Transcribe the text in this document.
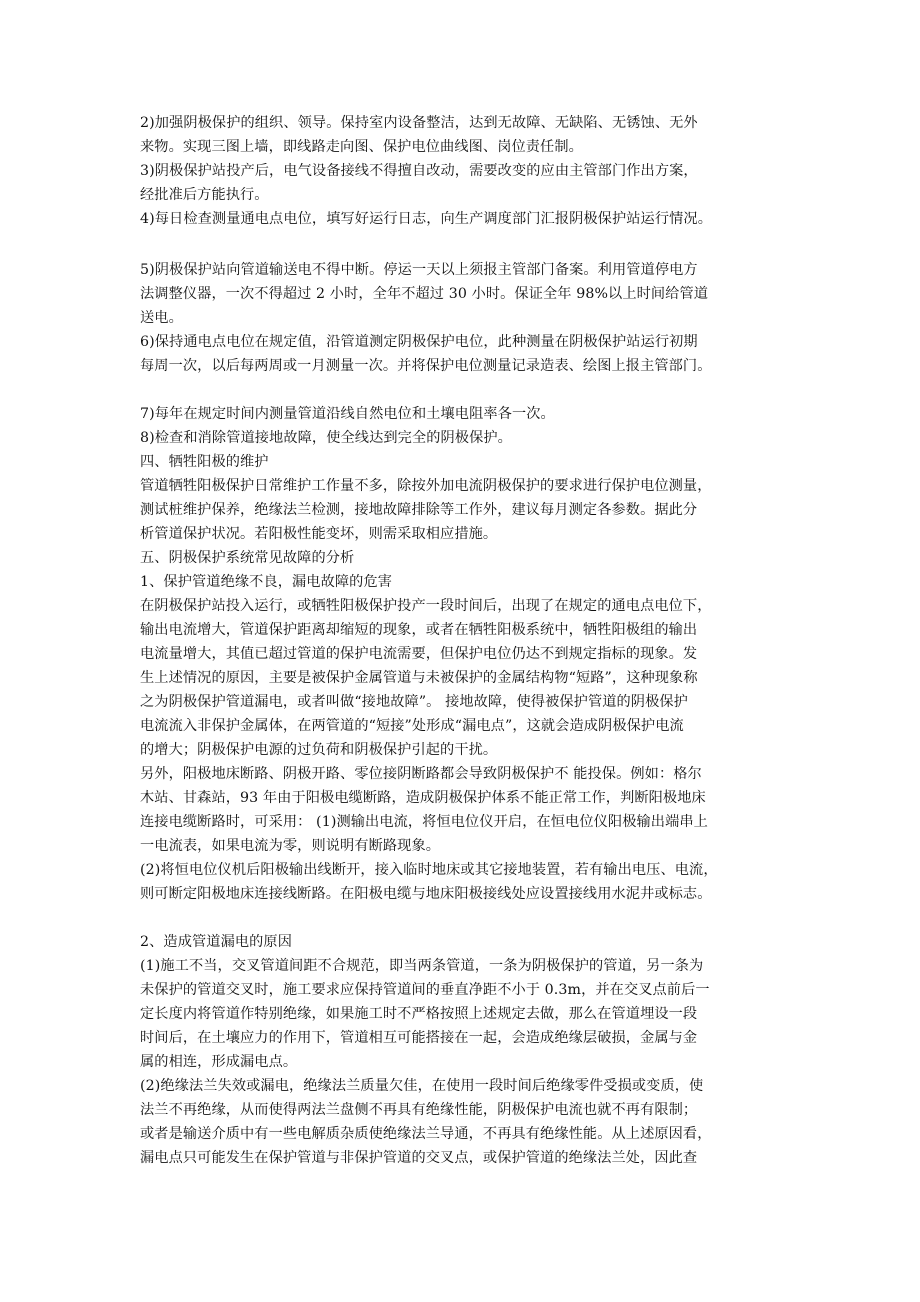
2)加强阴极保护的组织、领导。保持室内设备整洁，达到无故障、无缺陷、无锈蚀、无外
来物。实现三图上墙，即线路走向图、保护电位曲线图、岗位责任制。
3)阴极保护站投产后，电气设备接线不得擅自改动，需要改变的应由主管部门作出方案，
经批准后方能执行。
4)每日检查测量通电点电位，填写好运行日志，向生产调度部门汇报阴极保护站运行情况。
5)阴极保护站向管道输送电不得中断。停运一天以上须报主管部门备案。利用管道停电方
法调整仪器，一次不得超过 2 小时，全年不超过 30 小时。保证全年 98%以上时间给管道
送电。
6)保持通电点电位在规定值，沿管道测定阴极保护电位，此种测量在阴极保护站运行初期
每周一次，以后每两周或一月测量一次。并将保护电位测量记录造表、绘图上报主管部门。
7)每年在规定时间内测量管道沿线自然电位和土壤电阻率各一次。
8)检查和消除管道接地故障，使全线达到完全的阴极保护。
四、牺牲阳极的维护
管道牺牲阳极保护日常维护工作量不多，除按外加电流阴极保护的要求进行保护电位测量，
测试桩维护保养，绝缘法兰检测，接地故障排除等工作外，建议每月测定各参数。据此分
析管道保护状况。若阳极性能变坏，则需采取相应措施。
五、阴极保护系统常见故障的分析
1、保护管道绝缘不良，漏电故障的危害
在阴极保护站投入运行，或牺牲阳极保护投产一段时间后，出现了在规定的通电点电位下，
输出电流增大，管道保护距离却缩短的现象，或者在牺牲阳极系统中，牺牲阳极组的输出
电流量增大，其值已超过管道的保护电流需要，但保护电位仍达不到规定指标的现象。发
生上述情况的原因，主要是被保护金属管道与未被保护的金属结构物“短路”，这种现象称
之为阴极保护管道漏电，或者叫做“接地故障”。 接地故障，使得被保护管道的阴极保护
电流流入非保护金属体，在两管道的“短接”处形成“漏电点”，这就会造成阴极保护电流
的增大；阴极保护电源的过负荷和阴极保护引起的干扰。
另外，阳极地床断路、阴极开路、零位接阴断路都会导致阴极保护不 能投保。例如：格尔
木站、甘森站，93 年由于阳极电缆断路，造成阴极保护体系不能正常工作，判断阳极地床
连接电缆断路时，可采用： (1)测输出电流，将恒电位仪开启，在恒电位仪阳极输出端串上
一电流表，如果电流为零，则说明有断路现象。
(2)将恒电位仪机后阳极输出线断开，接入临时地床或其它接地装置，若有输出电压、电流，
则可断定阳极地床连接线断路。在阳极电缆与地床阳极接线处应设置接线用水泥井或标志。
2、造成管道漏电的原因
(1)施工不当，交叉管道间距不合规范，即当两条管道，一条为阴极保护的管道，另一条为
未保护的管道交叉时，施工要求应保持管道间的垂直净距不小于 0.3m，并在交叉点前后一
定长度内将管道作特别绝缘，如果施工时不严格按照上述规定去做，那么在管道埋设一段
时间后，在土壤应力的作用下，管道相互可能搭接在一起，会造成绝缘层破损，金属与金
属的相连，形成漏电点。
(2)绝缘法兰失效或漏电，绝缘法兰质量欠佳，在使用一段时间后绝缘零件受损或变质，使
法兰不再绝缘，从而使得两法兰盘侧不再具有绝缘性能，阴极保护电流也就不再有限制；
或者是输送介质中有一些电解质杂质使绝缘法兰导通，不再具有绝缘性能。从上述原因看，
漏电点只可能发生在保护管道与非保护管道的交叉点，或保护管道的绝缘法兰处，因此查
